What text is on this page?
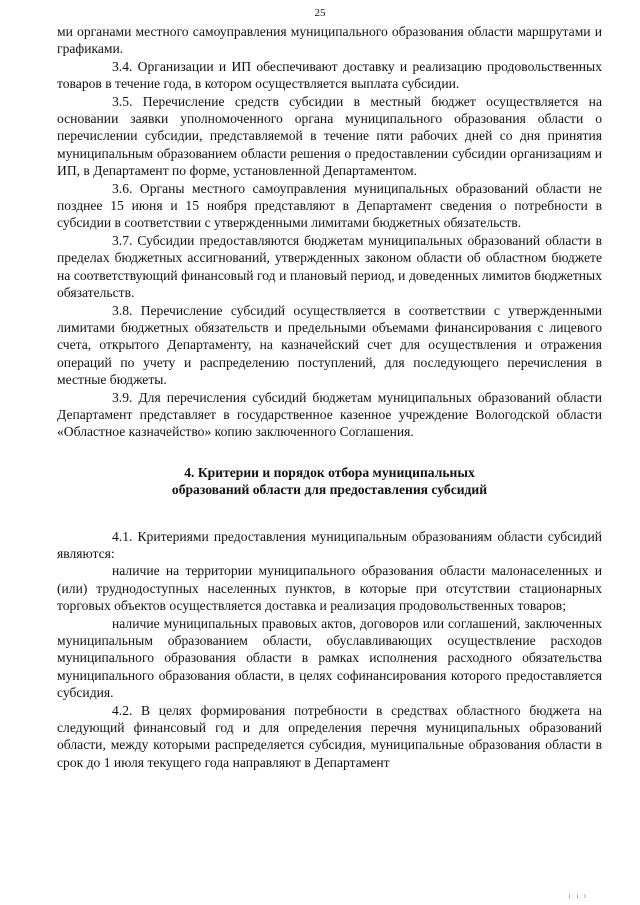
25

ми органами местного самоуправления муниципального образования области маршрутами и графиками.

3.4. Организации и ИП обеспечивают доставку и реализацию продовольственных товаров в течение года, в котором осуществляется выплата субсидии.

3.5. Перечисление средств субсидии в местный бюджет осуществляется на основании заявки уполномоченного органа муниципального образования области о перечислении субсидии, представляемой в течение пяти рабочих дней со дня принятия муниципальным образованием области решения о предоставлении субсидии организациям и ИП, в Департамент по форме, установленной Департаментом.

3.6. Органы местного самоуправления муниципальных образований области не позднее 15 июня и 15 ноября представляют в Департамент сведения о потребности в субсидии в соответствии с утвержденными лимитами бюджетных обязательств.

3.7. Субсидии предоставляются бюджетам муниципальных образований области в пределах бюджетных ассигнований, утвержденных законом области об областном бюджете на соответствующий финансовый год и плановый период, и доведенных лимитов бюджетных обязательств.

3.8. Перечисление субсидий осуществляется в соответствии с утвержденными лимитами бюджетных обязательств и предельными объемами финансирования с лицевого счета, открытого Департаменту, на казначейский счет для осуществления и отражения операций по учету и распределению поступлений, для последующего перечисления в местные бюджеты.

3.9. Для перечисления субсидий бюджетам муниципальных образований области Департамент представляет в государственное казенное учреждение Вологодской области «Областное казначейство» копию заключенного Соглашения.

4. Критерии и порядок отбора муниципальных
образований области для предоставления субсидий

4.1. Критериями предоставления муниципальным образованиям области субсидий являются:

наличие на территории муниципального образования области малонаселенных и (или) труднодоступных населенных пунктов, в которые при отсутствии стационарных торговых объектов осуществляется доставка и реализация продовольственных товаров;

наличие муниципальных правовых актов, договоров или соглашений, заключенных муниципальным образованием области, обуславливающих осуществление расходов муниципального образования области в рамках исполнения расходного обязательства муниципального образования области, в целях софинансирования которого предоставляется субсидия.

4.2. В целях формирования потребности в средствах областного бюджета на следующий финансовый год и для определения перечня муниципальных образований области, между которыми распределяется субсидия, муниципальные образования области в срок до 1 июля текущего года направляют в Департамент

ı ı ı
